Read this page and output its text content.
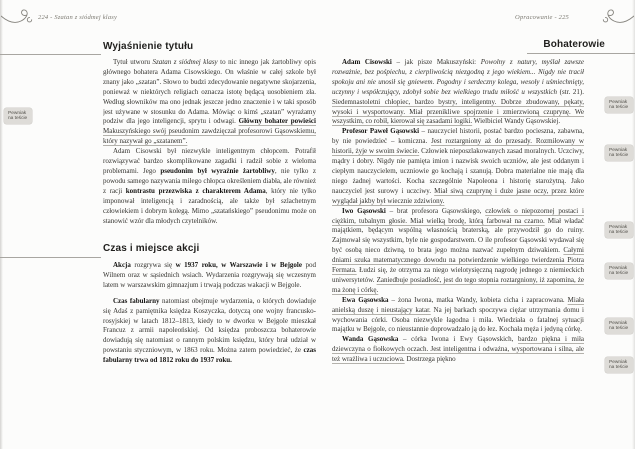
224 - Szatan z siódmej klasy	Opracowanie - 225
Wyjaśnienie tytułu

Tytuł utworu Szatan z siódmej klasy to nic innego jak żartobliwy opis głównego bohatera Adama Cisowskiego. On właśnie w całej szkole był znany jako „szatan”. Słowo to budzi zdecydowanie negatywne skojarzenia, ponieważ w niektórych religiach oznacza istotę będącą uosobieniem zła. Według słowników ma ono jednak jeszcze jedno znaczenie i w taki sposób jest używane w stosunku do Adama. Mówiąc o kimś „szatan” wyrażamy podziw dla jego inteligencji, sprytu i odwagi. Główny bohater powieści Makuszyńskiego swój pseudonim zawdzięczał profesorowi Gąsowskiemu, który nazywał go „szatanem”.

Adam Cisowski był niezwykle inteligentnym chłopcem. Potrafił rozwiązywać bardzo skomplikowane zagadki i radził sobie z wieloma problemami. Jego pseudonim był wyraźnie żartobliwy, nie tylko z powodu samego nazywania miłego chłopca określeniem diabła, ale również z racji kontrastu przezwiska z charakterem Adama, który nie tylko imponował inteligencją i zaradnością, ale także był szlachetnym człowiekiem i dobrym kolegą. Mimo „szatańskiego” pseudonimu może on stanowić wzór dla młodych czytelników.

Czas i miejsce akcji

Akcja rozgrywa się w 1937 roku, w Warszawie i w Bejgole pod Wilnem oraz w sąsiednich wsiach. Wydarzenia rozgrywają się wczesnym latem w warszawskim gimnazjum i trwają podczas wakacji w Bejgole.

Czas fabularny natomiast obejmuje wydarzenia, o których dowiaduje się Adaś z pamiętnika księdza Koszyczka, dotyczą one wojny francusko-rosyjskiej w latach 1812–1813, kiedy to w dworku w Bejgole mieszkał Francuz z armii napoleońskiej. Od księdza proboszcza bohaterowie dowiadują się natomiast o rannym polskim księdzu, który brał udział w powstaniu styczniowym, w 1863 roku. Można zatem powiedzieć, że czas fabularny trwa od 1812 roku do 1937 roku.

Bohaterowie

Adam Cisowski – jak pisze Makuszyński: Powolny z natury, myślał zawsze rozważnie, bez pośpiechu, z cierpliwością niezgodną z jego wiekiem... Nigdy nie tracił spokoju ani nie unosił się gniewem. Pogodny i serdeczny kolega, wesoły i uśmiechnięty, uczynny i współczujący, zdobył sobie bez wielkiego trudu miłość u wszystkich (str. 21). Siedemnastoletni chłopiec, bardzo bystry, inteligentny. Dobrze zbudowany, pękaty, wysoki i wysportowany. Miał przenikliwe spojrzenie i zmierzwioną czuprynę. We wszystkim, co robił, kierował się zasadami logiki. Wielbiciel Wandy Gąsowskiej.

Profesor Paweł Gąsowski – nauczyciel historii, postać bardzo pocieszna, zabawna, by nie powiedzieć – komiczna. Jest roztargniony aż do przesady. Rozmiłowany w historii, żyje w swoim świecie. Człowiek nieposzlakowanych zasad moralnych. Uczciwy, mądry i dobry. Nigdy nie pamięta imion i nazwisk swoich uczniów, ale jest oddanym i ciepłym nauczycielem, uczniowie go kochają i szanują. Dobra materialne nie mają dla niego żadnej wartości. Kocha szczególnie Napoleona i historię starożytną. Jako nauczyciel jest surowy i uczciwy. Miał siwą czuprynę i duże jasne oczy, przez które wyglądał jakby był wiecznie zdziwiony.

Iwo Gąsowski – brat profesora Gąsowskiego, człowiek o niepozornej postaci i ciężkim, tubalnym głosie. Miał wielką brodę, którą farbował na czarno. Miał władać majątkiem, będącym wspólną własnością braterską, ale przywodził go do ruiny. Zajmował się wszystkim, byle nie gospodarstwem. O ile profesor Gąsowski wydawał się być osobą nieco dziwną, to brata jego można nazwać zupełnym dziwakiem. Całymi dniami szuka matematycznego dowodu na potwierdzenie wielkiego twierdzenia Piotra Fermata. Łudzi się, że otrzyma za niego wielotysięczną nagrodę jednego z niemieckich uniwersytetów. Zaniedbuje posiadłość, jest do tego stopnia roztargniony, iż zapomina, że ma żonę i córkę.

Ewa Gąsowska – żona Iwona, matka Wandy, kobieta cicha i zapracowana. Miała anielską duszę i nieustający katar. Na jej barkach spoczywa ciężar utrzymania domu i wychowania córki. Osoba niezwykle łagodna i miła. Wiedziała o fatalnej sytuacji majątku w Bejgole, co nieustannie doprowadzało ją do łez. Kochała męża i jedyną córkę.

Wanda Gąsowska – córka Iwona i Ewy Gąsowskich, bardzo piękna i miła dziewczyna o fiołkowych oczach. Jest inteligentna i odważna, wysportowana i silna, ale też wrażliwa i uczuciowa. Dostrzega piękno

Pewniak
na teście
Pewniak
na teście
Pewniak
na teście
Pewniak
na teście
Pewniak
na teście
Pewniak
na teście
Pewniak
na teście
